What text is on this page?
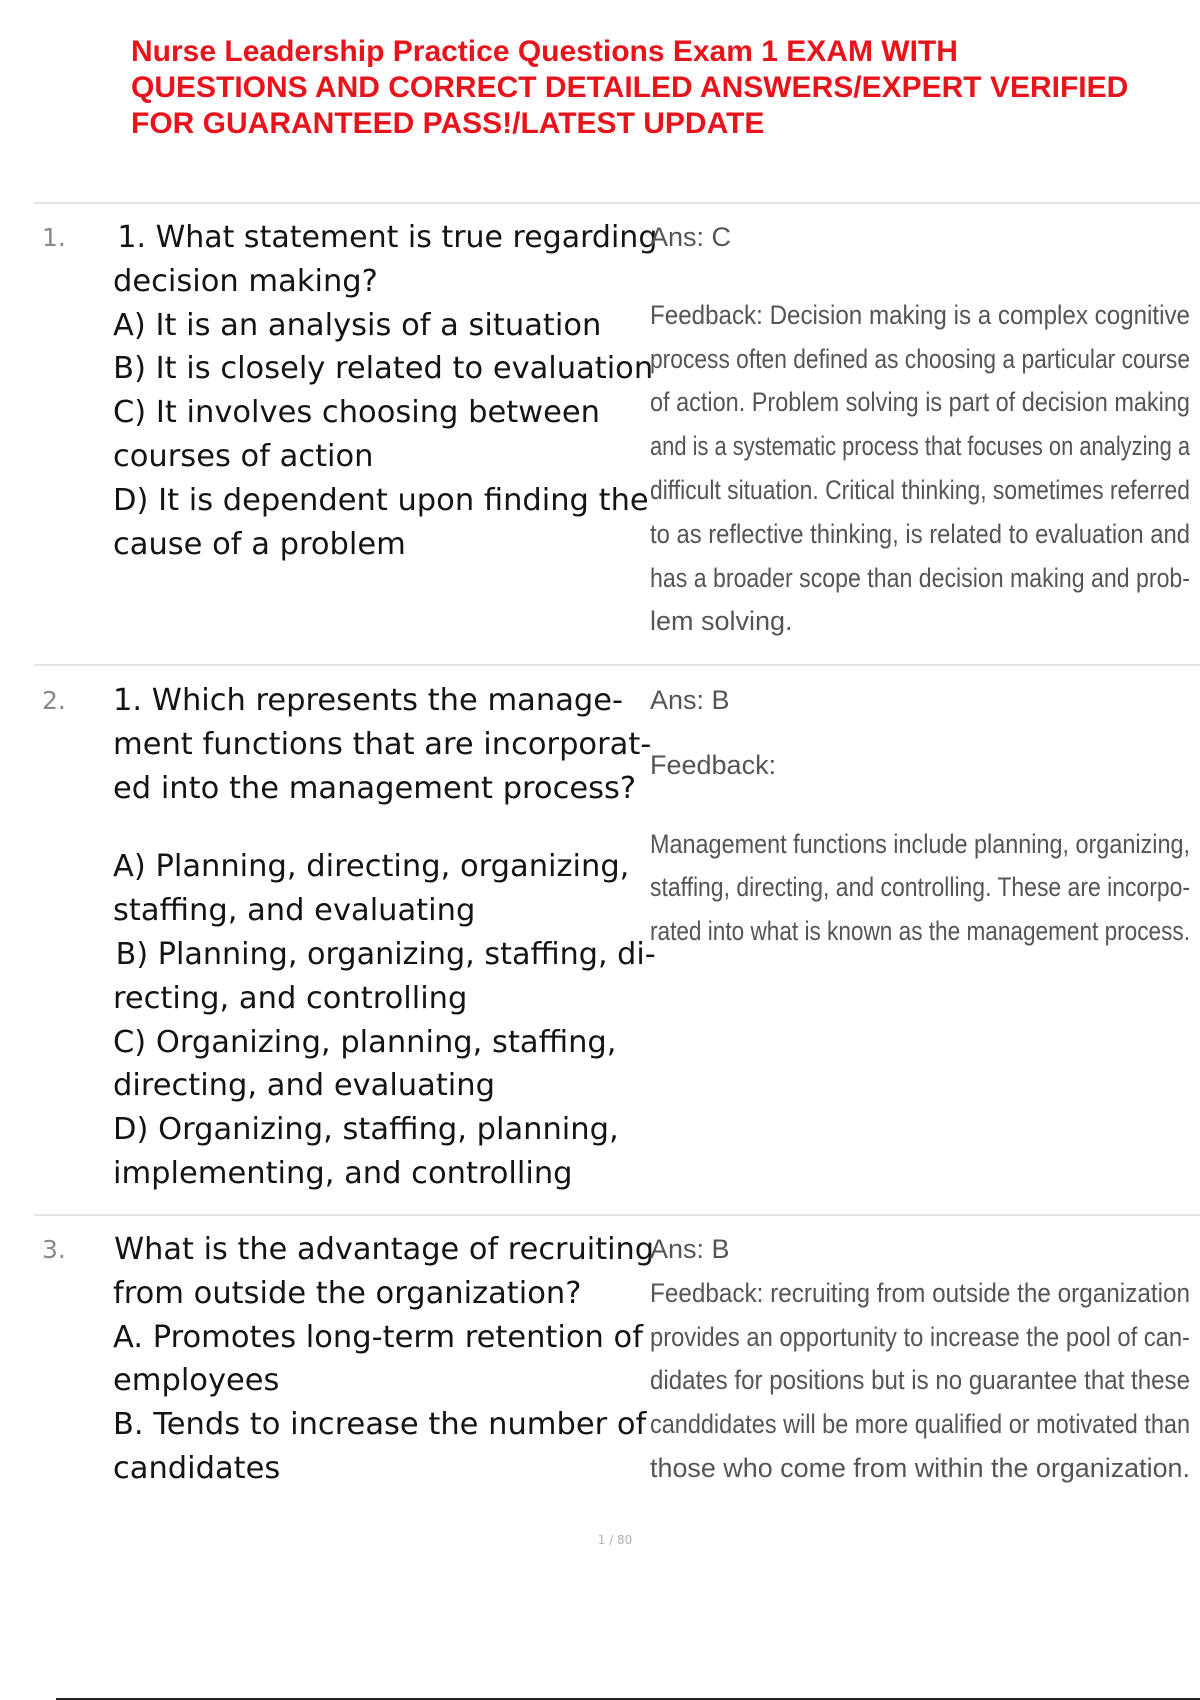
Nurse Leadership Practice Questions Exam 1 EXAM WITH
QUESTIONS AND CORRECT DETAILED ANSWERS/EXPERT VERIFIED
FOR GUARANTEED PASS!/LATEST UPDATE
1. 1. What statement is true regarding
decision making?
A) It is an analysis of a situation
B) It is closely related to evaluation
C) It involves choosing between
courses of action
D) It is dependent upon finding the
cause of a problem
Ans: C
Feedback: Decision making is a complex cognitive
process often defined as choosing a particular course
of action. Problem solving is part of decision making
and is a systematic process that focuses on analyzing a
difficult situation. Critical thinking, sometimes referred
to as reflective thinking, is related to evaluation and
has a broader scope than decision making and prob-
lem solving.
2. 1. Which represents the manage-
ment functions that are incorporat-
ed into the management process?
A) Planning, directing, organizing,
staffing, and evaluating
B) Planning, organizing, staffing, di-
recting, and controlling
C) Organizing, planning, staffing,
directing, and evaluating
D) Organizing, staffing, planning,
implementing, and controlling
Ans: B
Feedback:
Management functions include planning, organizing,
staffing, directing, and controlling. These are incorpo-
rated into what is known as the management process.
3. What is the advantage of recruiting
from outside the organization?
A. Promotes long-term retention of
employees
B. Tends to increase the number of
candidates
Ans: B
Feedback: recruiting from outside the organization
provides an opportunity to increase the pool of can-
didates for positions but is no guarantee that these
canddidates will be more qualified or motivated than
those who come from within the organization.
1 / 80
